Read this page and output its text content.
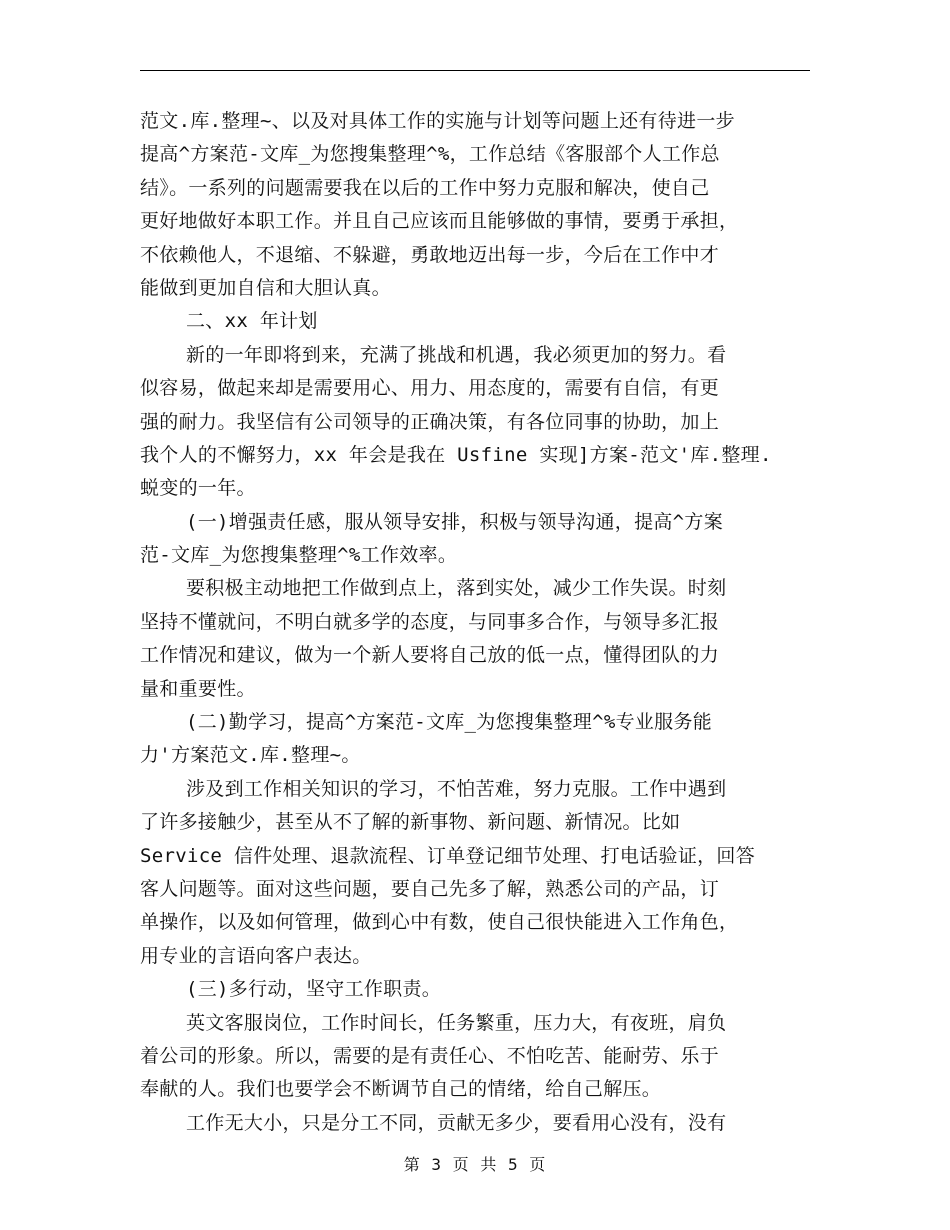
范文.库.整理~、以及对具体工作的实施与计划等问题上还有待进一步
提高^方案范-文库_为您搜集整理^%，工作总结《客服部个人工作总
结》。一系列的问题需要我在以后的工作中努力克服和解决，使自己
更好地做好本职工作。并且自己应该而且能够做的事情，要勇于承担，
不依赖他人，不退缩、不躲避，勇敢地迈出每一步，今后在工作中才
能做到更加自信和大胆认真。
二、xx 年计划
新的一年即将到来，充满了挑战和机遇，我必须更加的努力。看
似容易，做起来却是需要用心、用力、用态度的，需要有自信，有更
强的耐力。我坚信有公司领导的正确决策，有各位同事的协助，加上
我个人的不懈努力，xx 年会是我在 Usfine 实现]方案-范文'库.整理.
蜕变的一年。
(一)增强责任感，服从领导安排，积极与领导沟通，提高^方案
范-文库_为您搜集整理^%工作效率。
要积极主动地把工作做到点上，落到实处，减少工作失误。时刻
坚持不懂就问，不明白就多学的态度，与同事多合作，与领导多汇报
工作情况和建议，做为一个新人要将自己放的低一点，懂得团队的力
量和重要性。
(二)勤学习，提高^方案范-文库_为您搜集整理^%专业服务能
力'方案范文.库.整理~。
涉及到工作相关知识的学习，不怕苦难，努力克服。工作中遇到
了许多接触少，甚至从不了解的新事物、新问题、新情况。比如
Service 信件处理、退款流程、订单登记细节处理、打电话验证，回答
客人问题等。面对这些问题，要自己先多了解，熟悉公司的产品，订
单操作，以及如何管理，做到心中有数，使自己很快能进入工作角色，
用专业的言语向客户表达。
(三)多行动，坚守工作职责。
英文客服岗位，工作时间长，任务繁重，压力大，有夜班，肩负
着公司的形象。所以，需要的是有责任心、不怕吃苦、能耐劳、乐于
奉献的人。我们也要学会不断调节自己的情绪，给自己解压。
工作无大小，只是分工不同，贡献无多少，要看用心没有，没有
第 3 页 共 5 页
